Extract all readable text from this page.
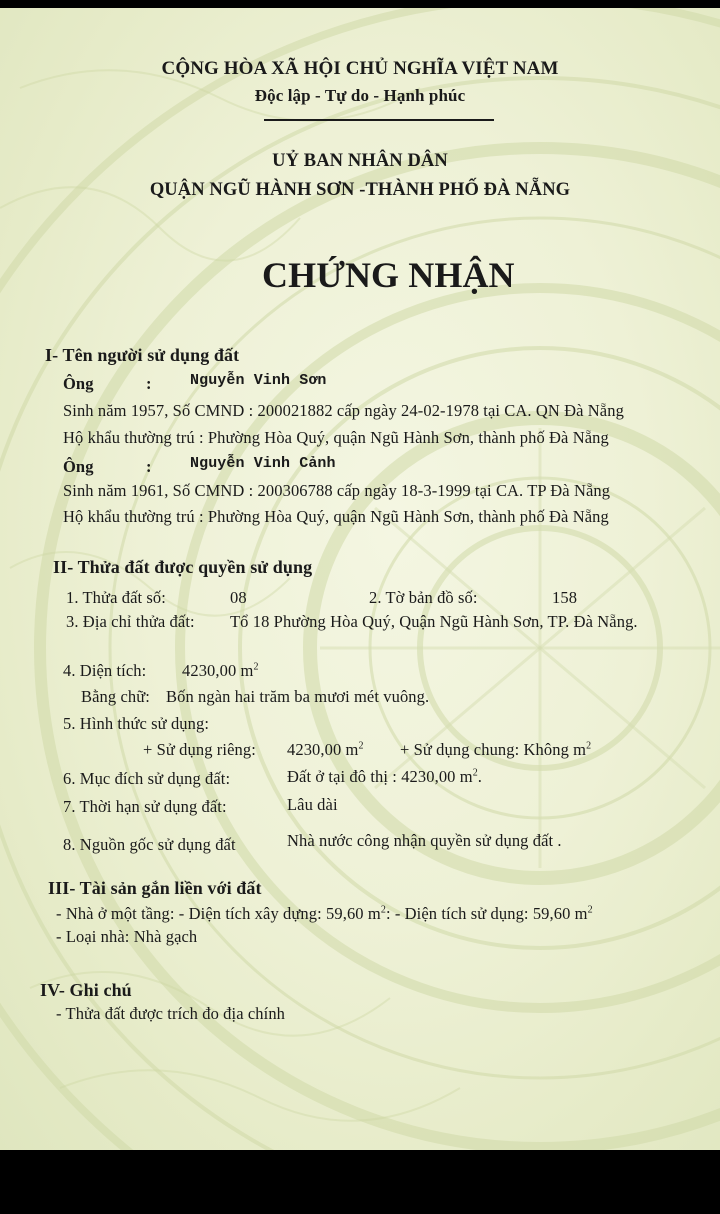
CỘNG HÒA XÃ HỘI CHỦ NGHĨA VIỆT NAM
Độc lập - Tự do - Hạnh phúc
UỶ BAN NHÂN DÂN
QUẬN NGŨ HÀNH SƠN -THÀNH PHỐ ĐÀ NẴNG
CHỨNG NHẬN
I- Tên người sử dụng đất
Ông	:	Nguyễn Vinh Sơn
Sinh năm 1957, Số CMND : 200021882 cấp ngày 24-02-1978 tại CA. QN Đà Nẵng
Hộ khẩu thường trú : Phường Hòa Quý, quận Ngũ Hành Sơn, thành phố Đà Nẵng
Ông	:	Nguyễn Vinh Cảnh
Sinh năm 1961, Số CMND : 200306788 cấp ngày 18-3-1999 tại CA. TP Đà Nẵng
Hộ khẩu thường trú : Phường Hòa Quý, quận Ngũ Hành Sơn, thành phố Đà Nẵng
II- Thửa đất được quyền sử dụng
1. Thửa đất số:	08	2. Tờ bản đồ số:	158
3. Địa chỉ thửa đất: Tổ 18 Phường Hòa Quý, Quận Ngũ Hành Sơn, TP. Đà Nẵng.
4. Diện tích: 4230,00 $m^2$
Bằng chữ: Bốn ngàn hai trăm ba mươi mét vuông.
5. Hình thức sử dụng:
+ Sử dụng riêng: 4230,00 $m^2$ + Sử dụng chung: Không $m^2$
6. Mục đích sử dụng đất:	Đất ở tại đô thị : 4230,00 $m^2$.
7. Thời hạn sử dụng đất:	Lâu dài
8. Nguồn gốc sử dụng đất	Nhà nước công nhận quyền sử dụng đất .
III- Tài sản gắn liền với đất
- Nhà ở một tầng: - Diện tích xây dựng: 59,60 $m^2$: - Diện tích sử dụng: 59,60 $m^2$
- Loại nhà: Nhà gạch
IV- Ghi chú
- Thửa đất được trích đo địa chính
